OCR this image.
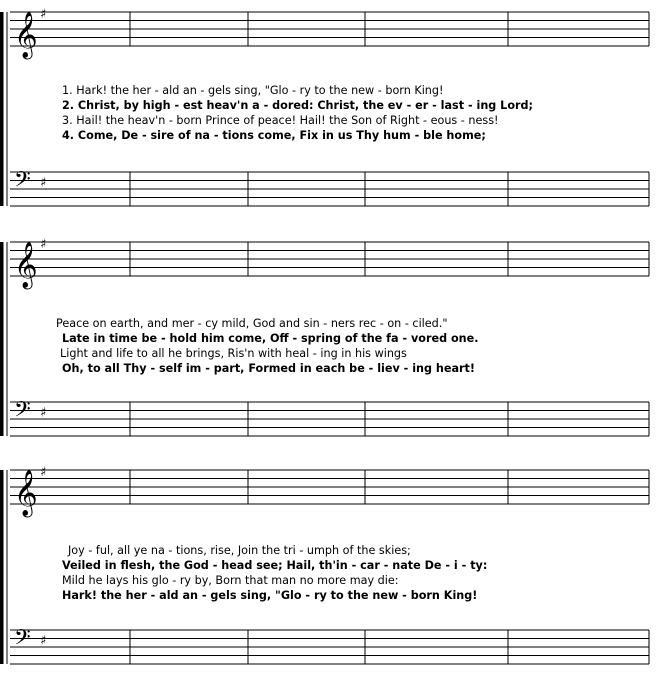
𝄞 ♯
𝄢 ♯
𝄞 ♯
𝄢 ♯
𝄞 ♯
𝄢 ♯
1. Hark! the her - ald an - gels sing, "Glo - ry to the new - born King!
2. Christ, by high - est heav'n a - dored: Christ, the ev - er - last - ing Lord;
3. Hail! the heav'n - born Prince of peace! Hail! the Son of Right - eous - ness!
4. Come, De - sire of na - tions come, Fix in us Thy hum - ble home;
Peace on earth, and mer - cy mild, God and sin - ners rec - on - ciled."
Late in time be - hold him come, Off - spring of the fa - vored one.
Light and life to all he brings, Ris'n with heal - ing in his wings
Oh, to all Thy - self im - part, Formed in each be - liev - ing heart!
Joy - ful, all ye na - tions, rise, Join the tri - umph of the skies;
Veiled in flesh, the God - head see; Hail, th'in - car - nate De - i - ty:
Mild he lays his glo - ry by, Born that man no more may die:
Hark! the her - ald an - gels sing, "Glo - ry to the new - born King!
